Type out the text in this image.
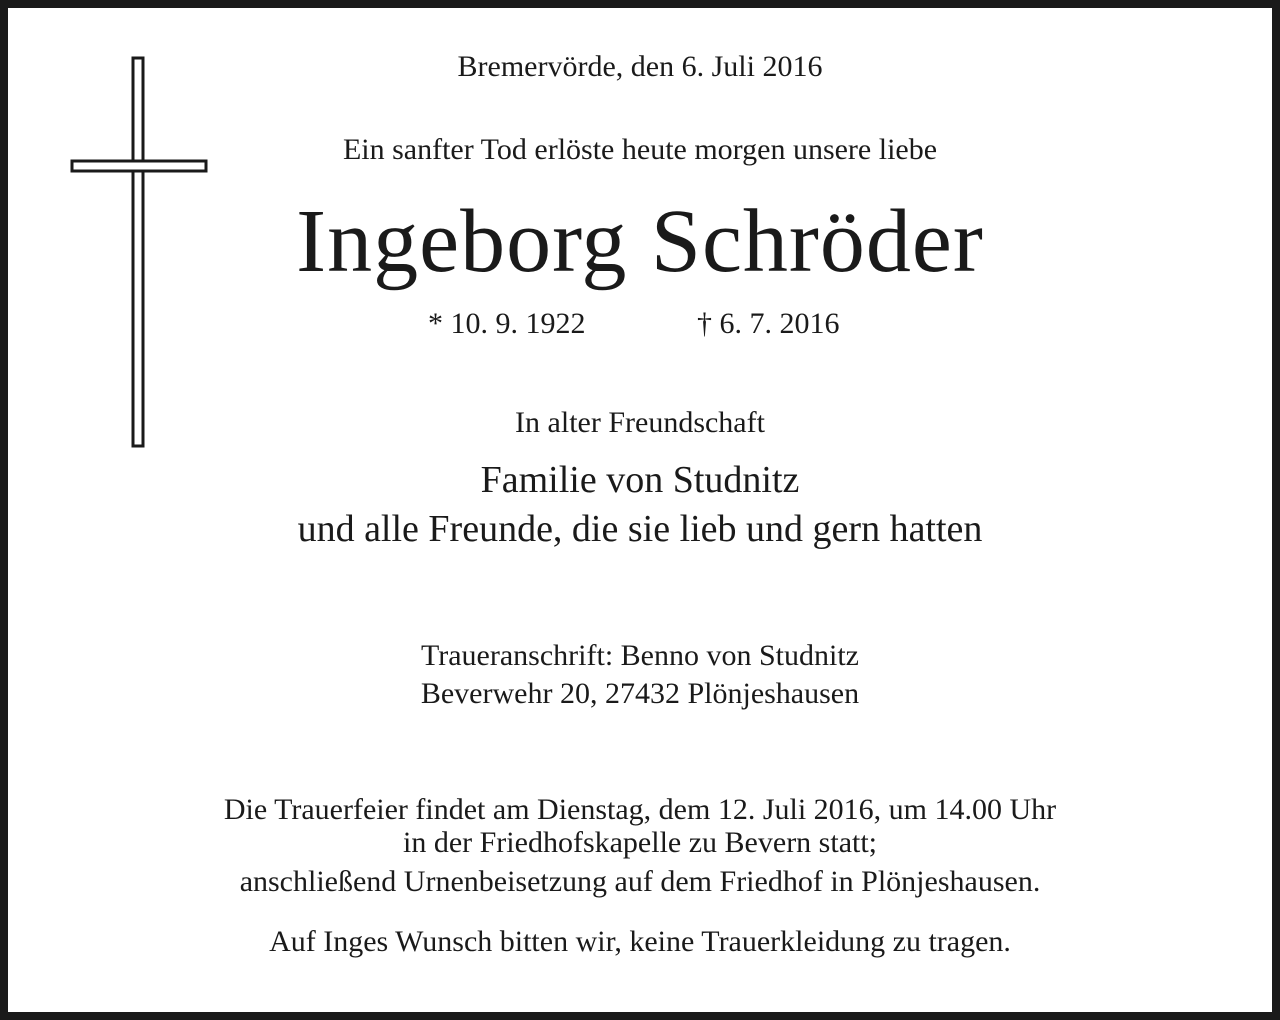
Bremervörde, den 6. Juli 2016
Ein sanfter Tod erlöste heute morgen unsere liebe
Ingeborg Schröder
* 10. 9. 1922	† 6. 7. 2016
In alter Freundschaft
Familie von Studnitz
und alle Freunde, die sie lieb und gern hatten
Traueranschrift: Benno von Studnitz
Beverwehr 20, 27432 Plönjeshausen
Die Trauerfeier findet am Dienstag, dem 12. Juli 2016, um 14.00 Uhr
in der Friedhofskapelle zu Bevern statt;
anschließend Urnenbeisetzung auf dem Friedhof in Plönjeshausen.
Auf Inges Wunsch bitten wir, keine Trauerkleidung zu tragen.
